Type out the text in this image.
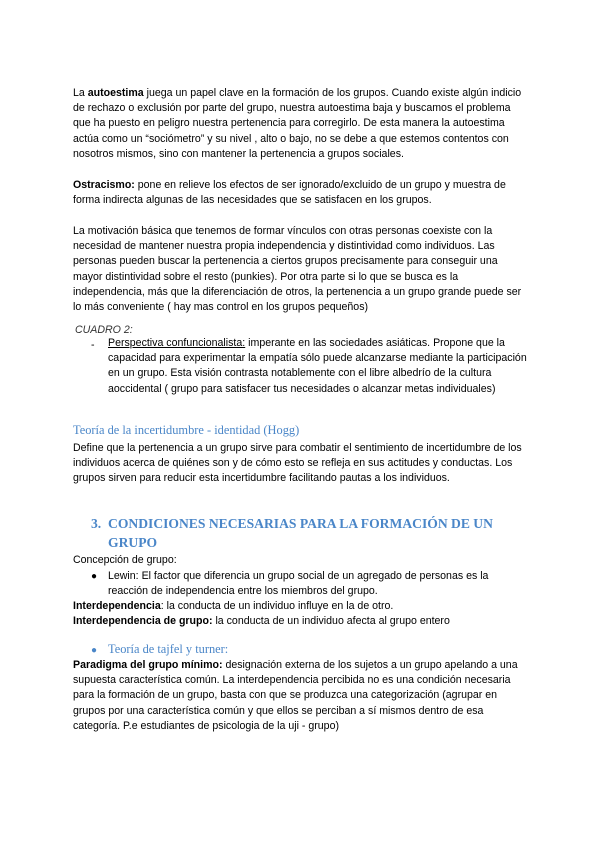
La autoestima juega un papel clave en la formación de los grupos. Cuando existe algún indicio de rechazo o exclusión por parte del grupo, nuestra autoestima baja y buscamos el problema que ha puesto en peligro nuestra pertenencia para corregirlo. De esta manera la autoestima actúa como un “sociómetro” y su nivel , alto o bajo, no se debe a que estemos contentos con nosotros mismos, sino con mantener la pertenencia a grupos sociales.
Ostracismo: pone en relieve los efectos de ser ignorado/excluido de un grupo y muestra de forma indirecta algunas de las necesidades que se satisfacen en los grupos.
La motivación básica que tenemos de formar vínculos con otras personas coexiste con la necesidad de mantener nuestra propia independencia y distintividad como individuos. Las personas pueden buscar la pertenencia a ciertos grupos precisamente para conseguir una mayor distintividad sobre el resto (punkies). Por otra parte si lo que se busca es la independencia, más que la diferenciación de otros, la pertenencia a un grupo grande puede ser lo más conveniente ( hay mas control en los grupos pequeños)
CUADRO 2:
- Perspectiva confuncionalista: imperante en las sociedades asiáticas. Propone que la capacidad para experimentar la empatía sólo puede alcanzarse mediante la participación en un grupo. Esta visión contrasta notablemente con el libre albedrío de la cultura aoccidental ( grupo para satisfacer tus necesidades o alcanzar metas individuales)
Teoría de la incertidumbre - identidad (Hogg)
Define que la pertenencia a un grupo sirve para combatir el sentimiento de incertidumbre de los individuos acerca de quiénes son y de cómo esto se refleja en sus actitudes y conductas. Los grupos sirven para reducir esta incertidumbre facilitando pautas a los individuos.
3. CONDICIONES NECESARIAS PARA LA FORMACIÓN DE UN
GRUPO
Concepción de grupo:
● Lewin: El factor que diferencia un grupo social de un agregado de personas es la reacción de independencia entre los miembros del grupo.
Interdependencia: la conducta de un individuo influye en la de otro.
Interdependencia de grupo: la conducta de un individuo afecta al grupo entero
● Teoría de tajfel y turner:
Paradigma del grupo mínimo: designación externa de los sujetos a un grupo apelando a una supuesta característica común. La interdependencia percibida no es una condición necesaria para la formación de un grupo, basta con que se produzca una categorización (agrupar en grupos por una característica común y que ellos se perciban a sí mismos dentro de esa categoría. P.e estudiantes de psicologia de la uji - grupo)
